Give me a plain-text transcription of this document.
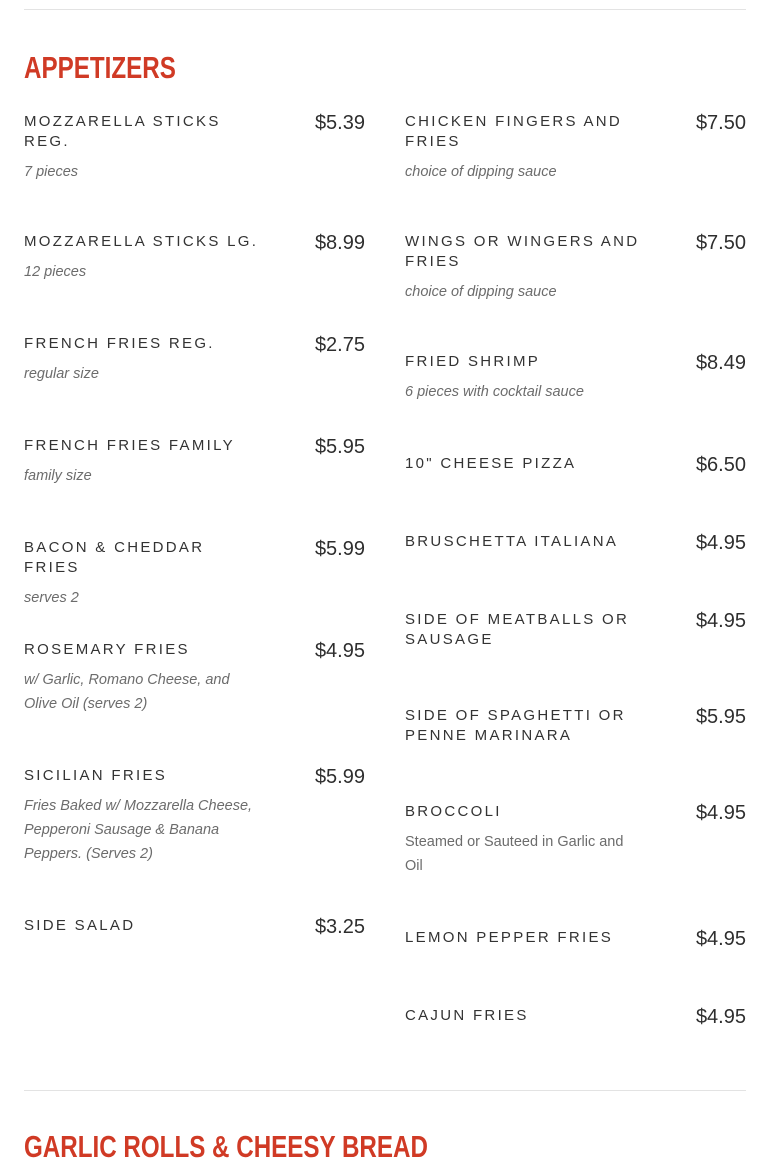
APPETIZERS
MOZZARELLA STICKS REG.
$5.39
7 pieces
MOZZARELLA STICKS LG.	$8.99
12 pieces
FRENCH FRIES REG.	$2.75
regular size
FRENCH FRIES FAMILY	$5.95
family size
BACON & CHEDDAR FRIES
$5.99
serves 2
ROSEMARY FRIES	$4.95
w/ Garlic, Romano Cheese, and Olive Oil (serves 2)
SICILIAN FRIES	$5.99
Fries Baked w/ Mozzarella Cheese, Pepperoni Sausage & Banana Peppers. (Serves 2)
SIDE SALAD	$3.25
CHICKEN FINGERS AND FRIES
$7.50
choice of dipping sauce
WINGS OR WINGERS AND FRIES
$7.50
choice of dipping sauce
FRIED SHRIMP	$8.49
6 pieces with cocktail sauce
10" CHEESE PIZZA	$6.50
BRUSCHETTA ITALIANA	$4.95
SIDE OF MEATBALLS OR SAUSAGE
$4.95
SIDE OF SPAGHETTI OR PENNE MARINARA
$5.95
BROCCOLI	$4.95
Steamed or Sauteed in Garlic and Oil
LEMON PEPPER FRIES	$4.95
CAJUN FRIES	$4.95
GARLIC ROLLS & CHEESY BREAD
